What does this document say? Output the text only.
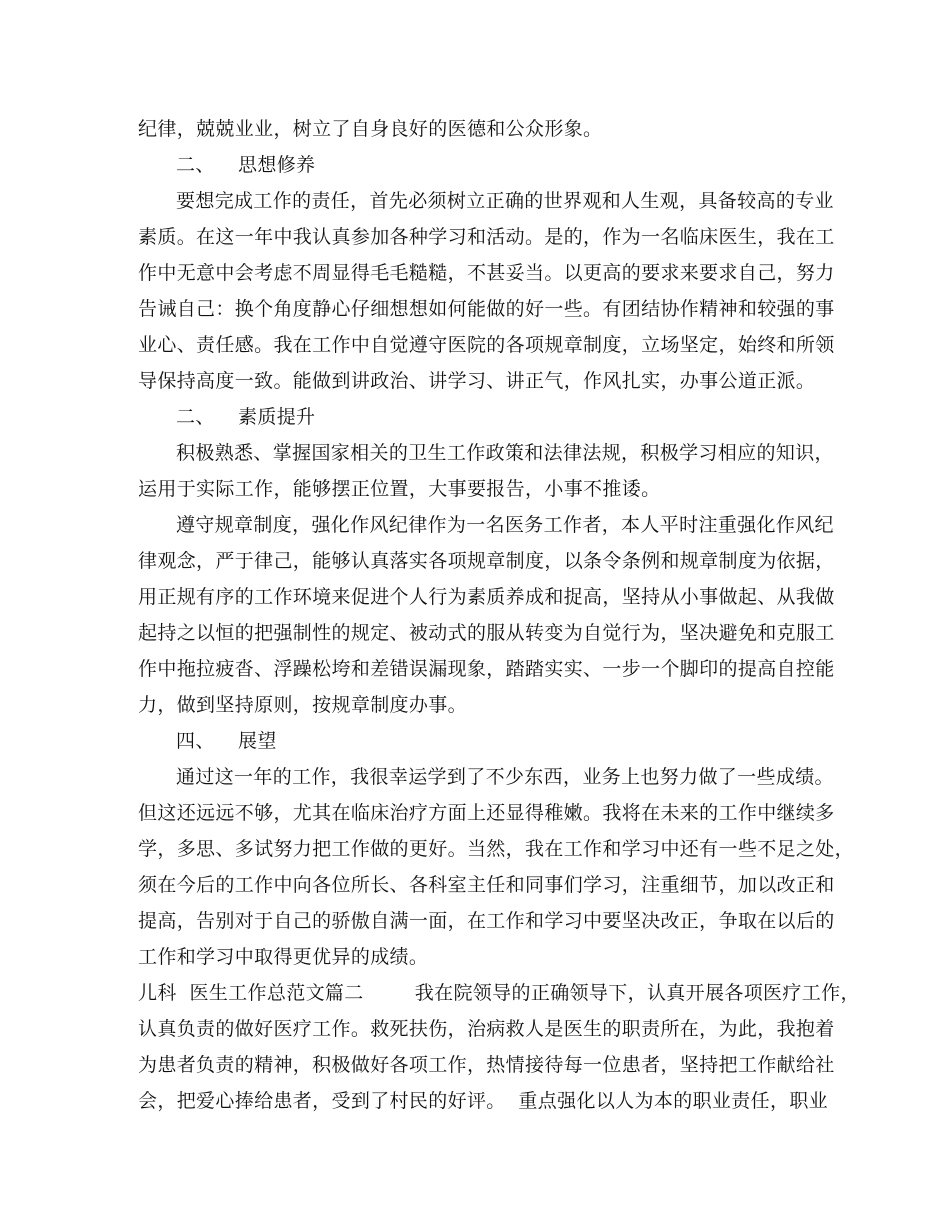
纪律，兢兢业业，树立了自身良好的医德和公众形象。
二、 思想修养
要想完成工作的责任，首先必须树立正确的世界观和人生观，具备较高的专业
素质。在这一年中我认真参加各种学习和活动。是的，作为一名临床医生，我在工
作中无意中会考虑不周显得毛毛糙糙，不甚妥当。以更高的要求来要求自己，努力
告诫自己：换个角度静心仔细想想如何能做的好一些。有团结协作精神和较强的事
业心、责任感。我在工作中自觉遵守医院的各项规章制度，立场坚定，始终和所领
导保持高度一致。能做到讲政治、讲学习、讲正气，作风扎实，办事公道正派。
二、 素质提升
积极熟悉、掌握国家相关的卫生工作政策和法律法规，积极学习相应的知识，
运用于实际工作，能够摆正位置，大事要报告，小事不推诿。
遵守规章制度，强化作风纪律作为一名医务工作者，本人平时注重强化作风纪
律观念，严于律己，能够认真落实各项规章制度，以条令条例和规章制度为依据，
用正规有序的工作环境来促进个人行为素质养成和捉高，坚持从小事做起、从我做
起持之以恒的把强制性的规定、被动式的服从转变为自觉行为，坚决避免和克服工
作中拖拉疲沓、浮躁松垮和差错误漏现象，踏踏实实、一步一个脚印的提高自控能
力，做到坚持原则，按规章制度办事。
四、 展望
通过这一年的工作，我很幸运学到了不少东西，业务上也努力做了一些成绩。
但这还远远不够，尤其在临床治疗方面上还显得稚嫩。我将在未来的工作中继续多
学，多思、多试努力把工作做的更好。当然，我在工作和学习中还有一些不足之处，
须在今后的工作中向各位所长、各科室主任和同事们学习，注重细节，加以改正和
提高，告别对于自己的骄傲自满一面，在工作和学习中要坚决改正，争取在以后的
工作和学习中取得更优异的成绩。
儿科  医生工作总范文篇二        我在院领导的正确领导下，认真开展各项医疗工作，
认真负责的做好医疗工作。救死扶伤，治病救人是医生的职责所在，为此，我抱着
为患者负责的精神，积极做好各项工作，热情接待每一位患者，坚持把工作献给社
会，把爱心捧给患者，受到了村民的好评。  重点强化以人为本的职业责任，职业
